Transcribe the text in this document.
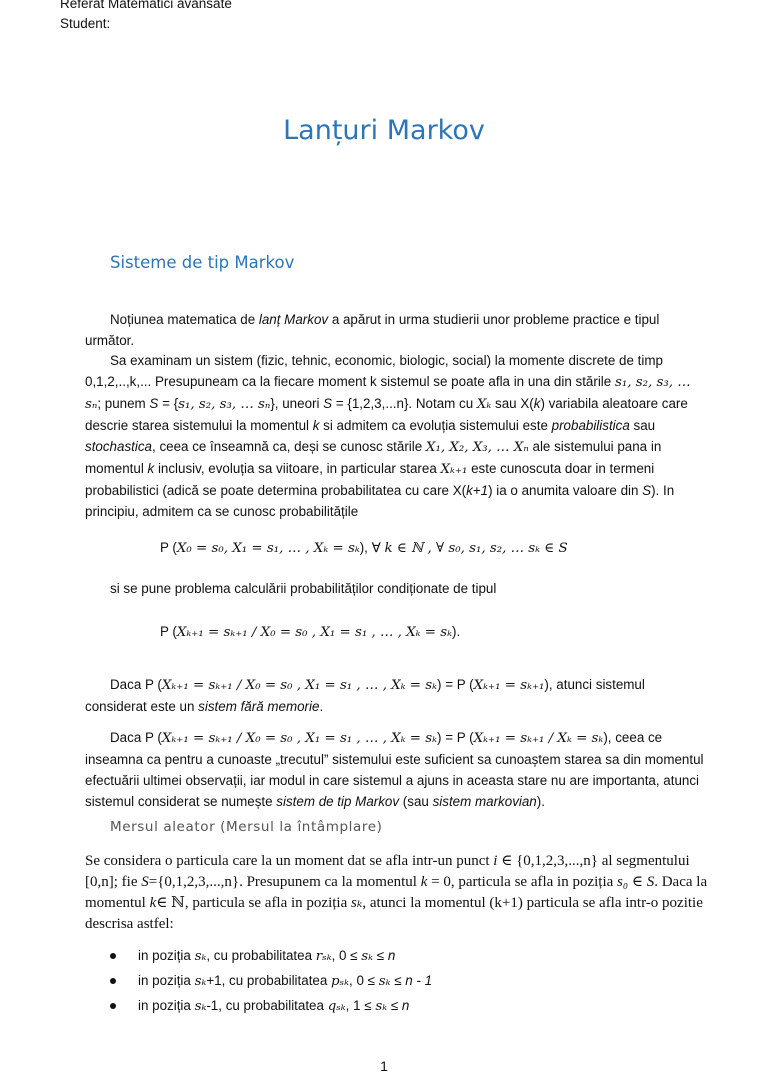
Referat Matematici avansate
Student:
Lanțuri Markov
Sisteme de tip Markov

Noțiunea matematica de lanț Markov a apărut in urma studierii unor probleme practice e tipul următor.

Sa examinam un sistem (fizic, tehnic, economic, biologic, social) la momente discrete de timp 0,1,2,..,k,... Presupuneam ca la fiecare moment k sistemul se poate afla in una din stările s₁, s₂, s₃, … sₙ; punem S = {s₁, s₂, s₃, … sₙ}, uneori S = {1,2,3,...n}. Notam cu Xₖ sau X(k) variabila aleatoare care descrie starea sistemului la momentul k si admitem ca evoluția sistemului este probabilistica sau stochastica, ceea ce înseamnă ca, deși se cunosc stările X₁, X₂, X₃, … Xₙ ale sistemului pana in momentul k inclusiv, evoluția sa viitoare, in particular starea Xₖ₊₁ este cunoscuta doar in termeni probabilistici (adică se poate determina probabilitatea cu care X(k+1) ia o anumita valoare din S). In principiu, admitem ca se cunosc probabilitățile

P (X₀ = s₀, X₁ = s₁, … , Xₖ = sₖ), ∀ k ∈ ℕ , ∀ s₀, s₁, s₂, … sₖ ∈ S

si se pune problema calculării probabilităților condiționate de tipul

P (Xₖ₊₁ = sₖ₊₁ / X₀ = s₀ , X₁ = s₁ , … , Xₖ = sₖ).

Daca P (Xₖ₊₁ = sₖ₊₁ / X₀ = s₀ , X₁ = s₁ , … , Xₖ = sₖ) = P (Xₖ₊₁ = sₖ₊₁), atunci sistemul considerat este un sistem fără memorie.

Daca P (Xₖ₊₁ = sₖ₊₁ / X₀ = s₀ , X₁ = s₁ , … , Xₖ = sₖ) = P (Xₖ₊₁ = sₖ₊₁ / Xₖ = sₖ), ceea ce inseamna ca pentru a cunoaste „trecutul” sistemului este suficient sa cunoaștem starea sa din momentul efectuării ultimei observații, iar modul in care sistemul a ajuns in aceasta stare nu are importanta, atunci sistemul considerat se numește sistem de tip Markov (sau sistem markovian).

Mersul aleator (Mersul la întâmplare)

Se considera o particula care la un moment dat se afla intr-un punct i ∈ {0,1,2,3,...,n} al segmentului [0,n]; fie S={0,1,2,3,...,n}. Presupunem ca la momentul k = 0, particula se afla in poziția s₀ ∈ S. Daca la momentul k∈ ℕ, particula se afla in poziția sₖ, atunci la momentul (k+1) particula se afla intr-o pozitie descrisa astfel:

in poziția sₖ, cu probabilitatea rₛₖ, 0 ≤ sₖ ≤ n
in poziția sₖ+1, cu probabilitatea pₛₖ, 0 ≤ sₖ ≤ n - 1
in poziția sₖ-1, cu probabilitatea qₛₖ, 1 ≤ sₖ ≤ n
1
